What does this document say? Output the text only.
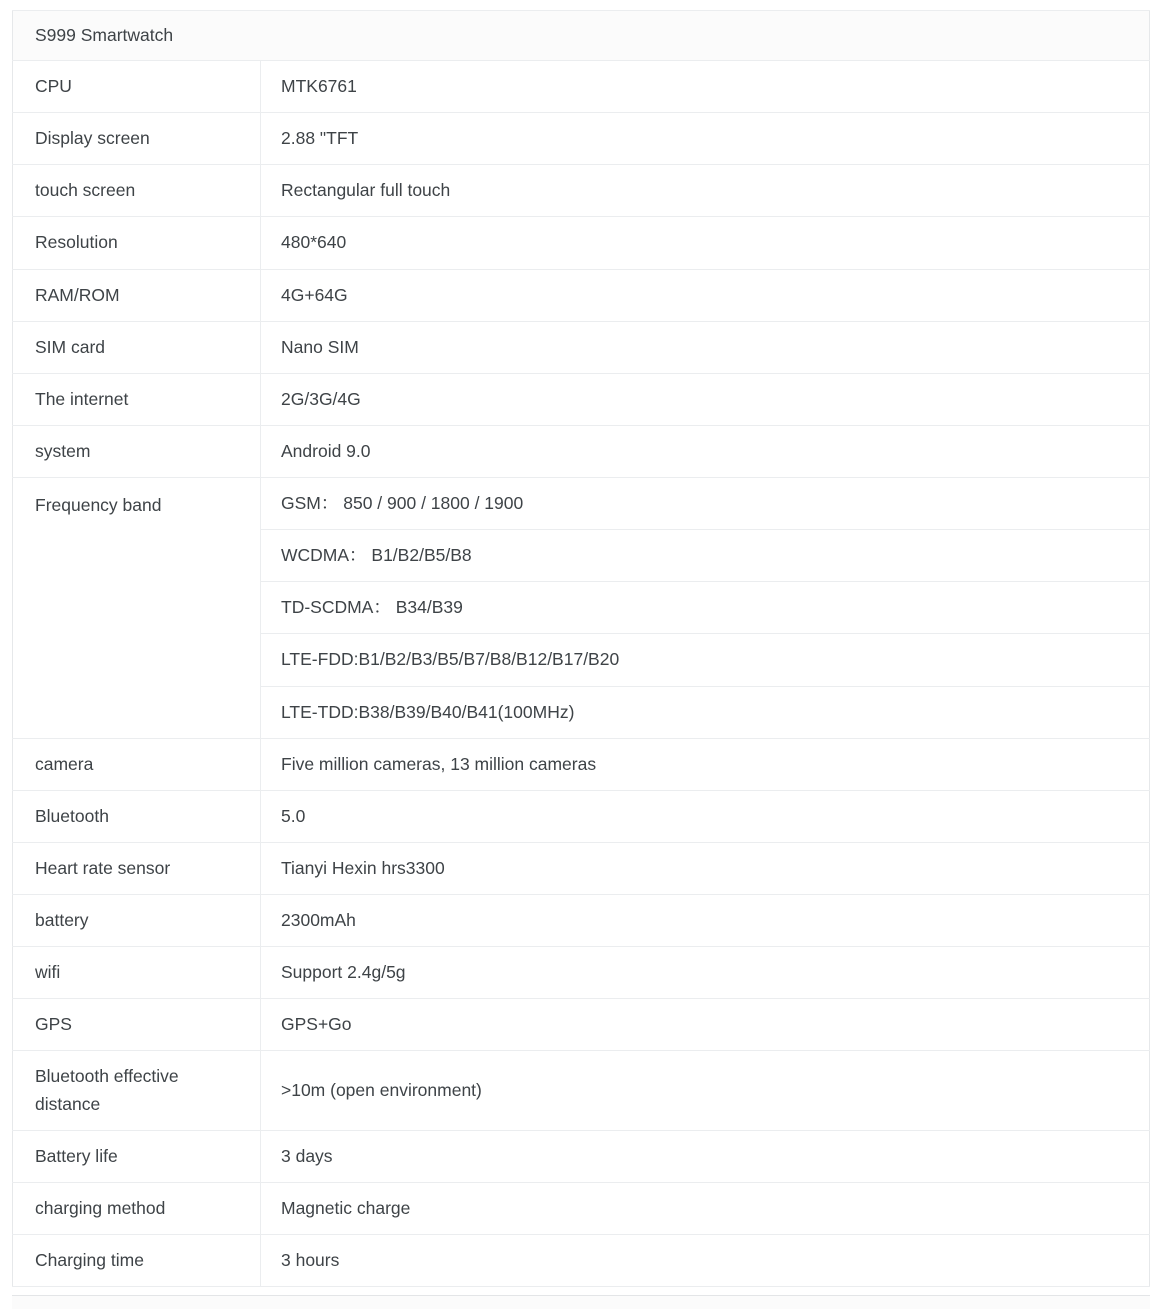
S999 Smartwatch	
CPU	MTK6761
Display screen	2.88 "TFT
touch screen	Rectangular full touch
Resolution	480*640
RAM/ROM	4G+64G
SIM card	Nano SIM
The internet	2G/3G/4G
system	Android 9.0
Frequency band	GSM： 850 / 900 / 1800 / 1900
WCDMA： B1/B2/B5/B8
TD-SCDMA： B34/B39
LTE-FDD:B1/B2/B3/B5/B7/B8/B12/B17/B20
LTE-TDD:B38/B39/B40/B41(100MHz)

camera	Five million cameras, 13 million cameras
Bluetooth	5.0
Heart rate sensor	Tianyi Hexin hrs3300
battery	2300mAh
wifi	Support 2.4g/5g
GPS	GPS+Go
Bluetooth effective distance	>10m (open environment)
Battery life	3 days
charging method	Magnetic charge
Charging time	3 hours
